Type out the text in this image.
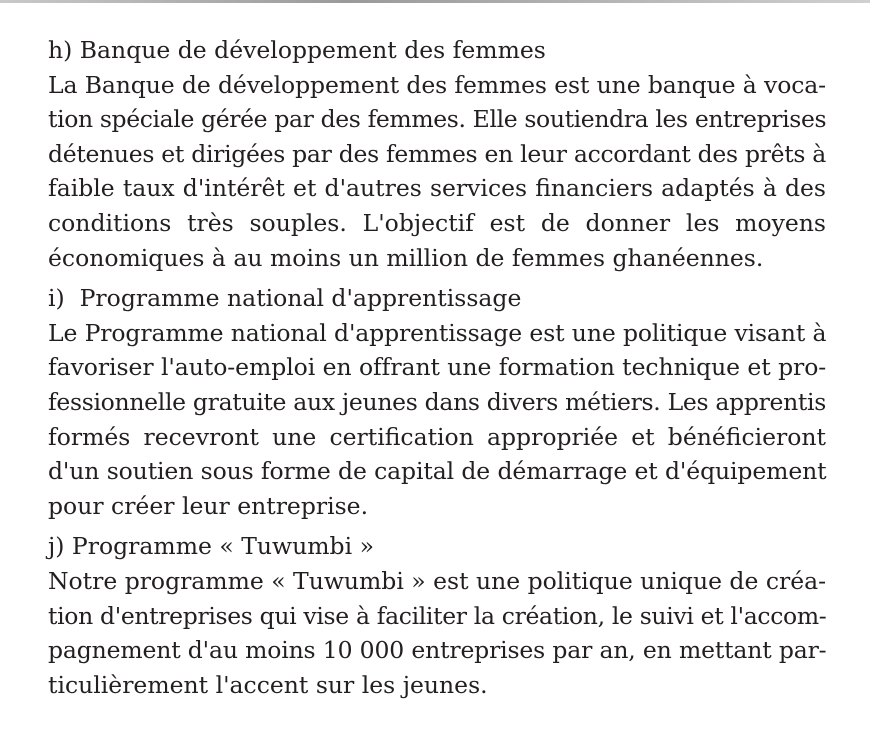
h) Banque de développement des femmes

La Banque de développement des femmes est une banque à voca-

tion spéciale gérée par des femmes. Elle soutiendra les entreprises

détenues et dirigées par des femmes en leur accordant des prêts à

faible taux d'intérêt et d'autres services financiers adaptés à des

conditions très souples. L'objectif est de donner les moyens

économiques à au moins un million de femmes ghanéennes.

i)  Programme national d'apprentissage

Le Programme national d'apprentissage est une politique visant à

favoriser l'auto-emploi en offrant une formation technique et pro-

fessionnelle gratuite aux jeunes dans divers métiers. Les apprentis

formés recevront une certification appropriée et bénéficieront

d'un soutien sous forme de capital de démarrage et d'équipement

pour créer leur entreprise.

j) Programme « Tuwumbi »

Notre programme « Tuwumbi » est une politique unique de créa-

tion d'entreprises qui vise à faciliter la création, le suivi et l'accom-

pagnement d'au moins 10 000 entreprises par an, en mettant par-

ticulièrement l'accent sur les jeunes.
